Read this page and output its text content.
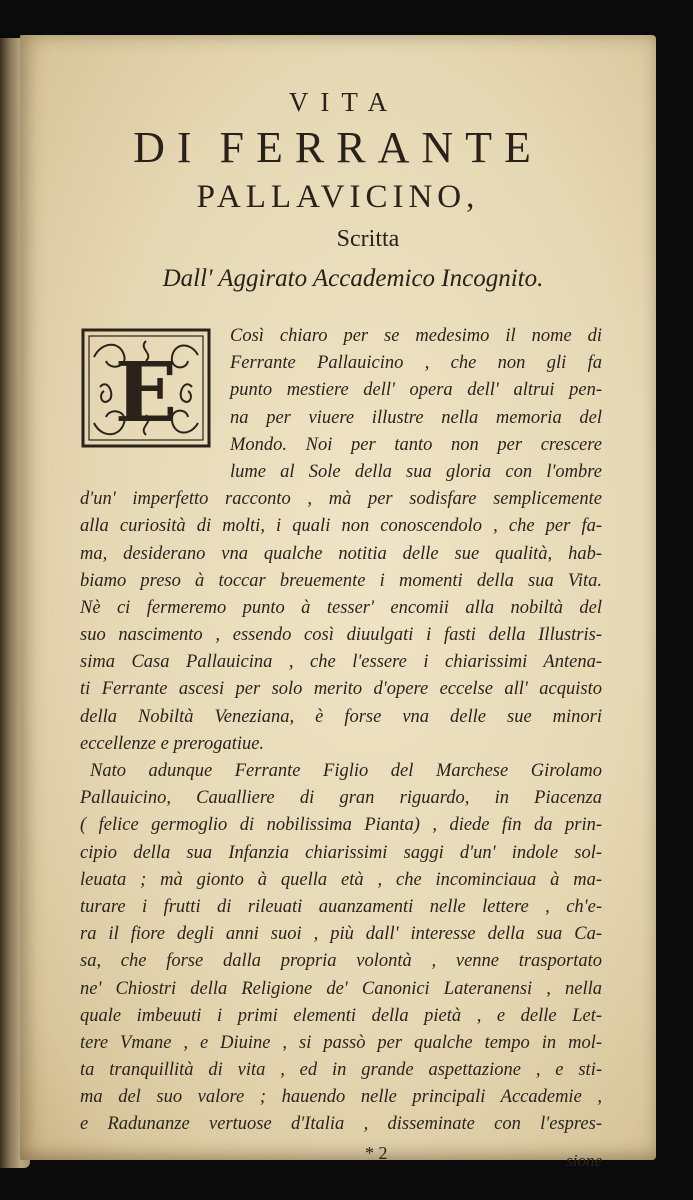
VITA
DI FERRANTE
PALLAVICINO,
Scritta
Dall' Aggirato Accademico Incognito.
E
Così chiaro per se medesimo il nome di
Ferrante Pallauicino , che non gli fa
punto mestiere dell' opera dell' altrui pen-
na per viuere illustre nella memoria del
Mondo. Noi per tanto non per crescere
lume al Sole della sua gloria con l'ombre
d'un' imperfetto racconto , mà per sodisfare semplicemente
alla curiosità di molti, i quali non conoscendolo , che per fa-
ma, desiderano vna qualche notitia delle sue qualità, hab-
biamo preso à toccar breuemente i momenti della sua Vita.
Nè ci fermeremo punto à tesser' encomii alla nobiltà del
suo nascimento , essendo così diuulgati i fasti della Illustris-
sima Casa Pallauicina , che l'essere i chiarissimi Antena-
ti Ferrante ascesi per solo merito d'opere eccelse all' acquisto
della Nobiltà Veneziana, è forse vna delle sue minori
eccellenze e prerogatiue.
Nato adunque Ferrante Figlio del Marchese Girolamo
Pallauicino, Caualliere di gran riguardo, in Piacenza
( felice germoglio di nobilissima Pianta) , diede fin da prin-
cipio della sua Infanzia chiarissimi saggi d'un' indole sol-
leuata ; mà gionto à quella età , che incominciaua à ma-
turare i frutti di rileuati auanzamenti nelle lettere , ch'e-
ra il fiore degli anni suoi , più dall' interesse della sua Ca-
sa, che forse dalla propria volontà , venne trasportato
ne' Chiostri della Religione de' Canonici Lateranensi , nella
quale imbeuuti i primi elementi della pietà , e delle Let-
tere Vmane , e Diuine , si passò per qualche tempo in mol-
ta tranquillità di vita , ed in grande aspettazione , e sti-
ma del suo valore ; hauendo nelle principali Accademie ,
e Radunanze vertuose d'Italia , disseminate con l'espres-
* 2	sione
